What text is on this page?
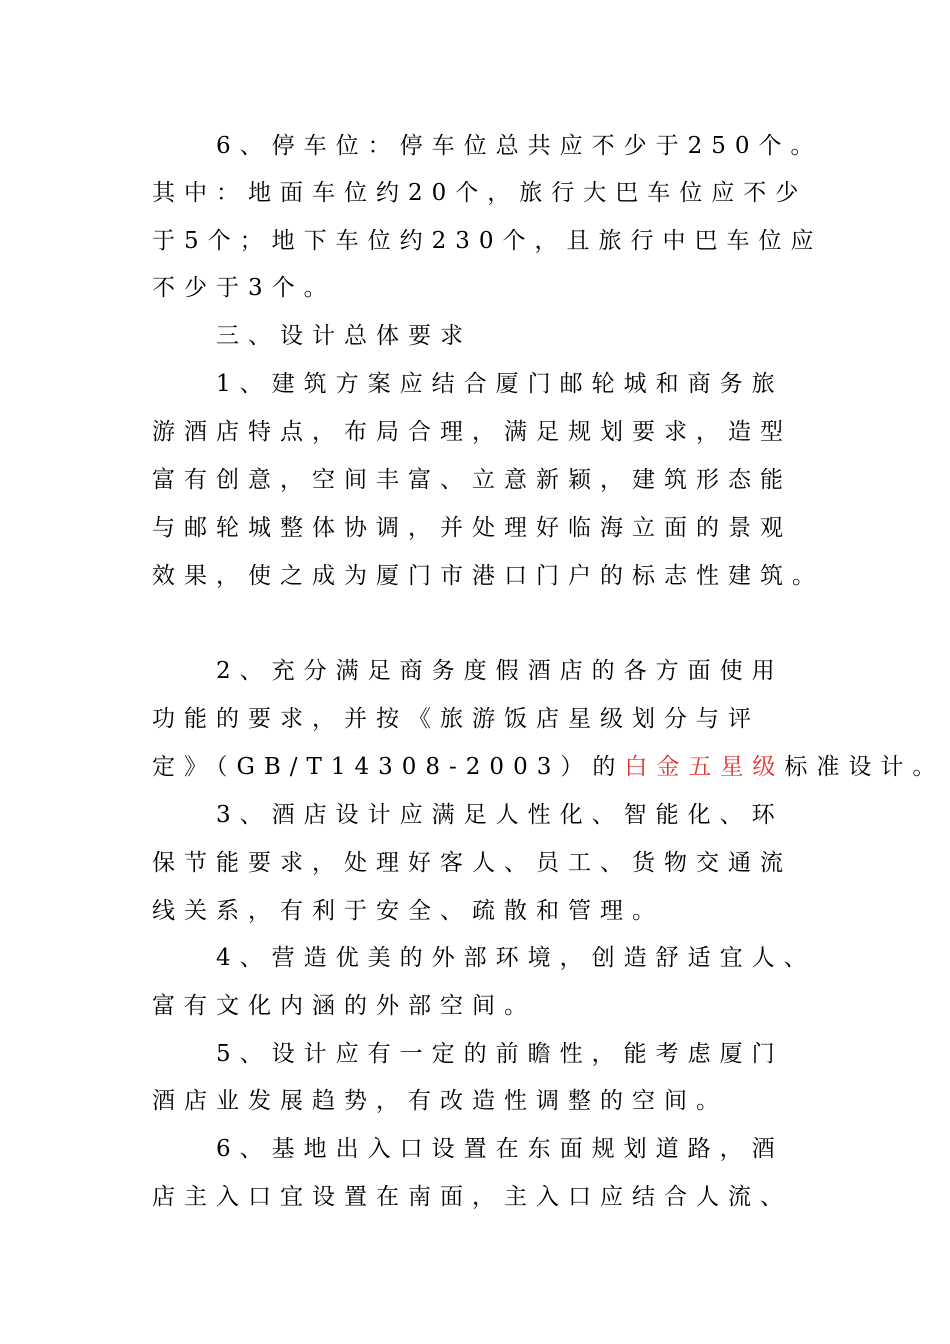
　　6、停车位：停车位总共应不少于250个。
其中：地面车位约20个，旅行大巴车位应不少
于5个；地下车位约230个，且旅行中巴车位应
不少于3个。
　　三、设计总体要求
　　1、建筑方案应结合厦门邮轮城和商务旅
游酒店特点，布局合理，满足规划要求，造型
富有创意，空间丰富、立意新颖，建筑形态能
与邮轮城整体协调，并处理好临海立面的景观
效果，使之成为厦门市港口门户的标志性建筑。
　　2、充分满足商务度假酒店的各方面使用
功能的要求，并按《旅游饭店星级划分与评
定》（GB/T14308-2003）的白金五星级标准设计。
　　3、酒店设计应满足人性化、智能化、环
保节能要求，处理好客人、员工、货物交通流
线关系，有利于安全、疏散和管理。
　　4、营造优美的外部环境，创造舒适宜人、
富有文化内涵的外部空间。
　　5、设计应有一定的前瞻性，能考虑厦门
酒店业发展趋势，有改造性调整的空间。
　　6、基地出入口设置在东面规划道路，酒
店主入口宜设置在南面，主入口应结合人流、
